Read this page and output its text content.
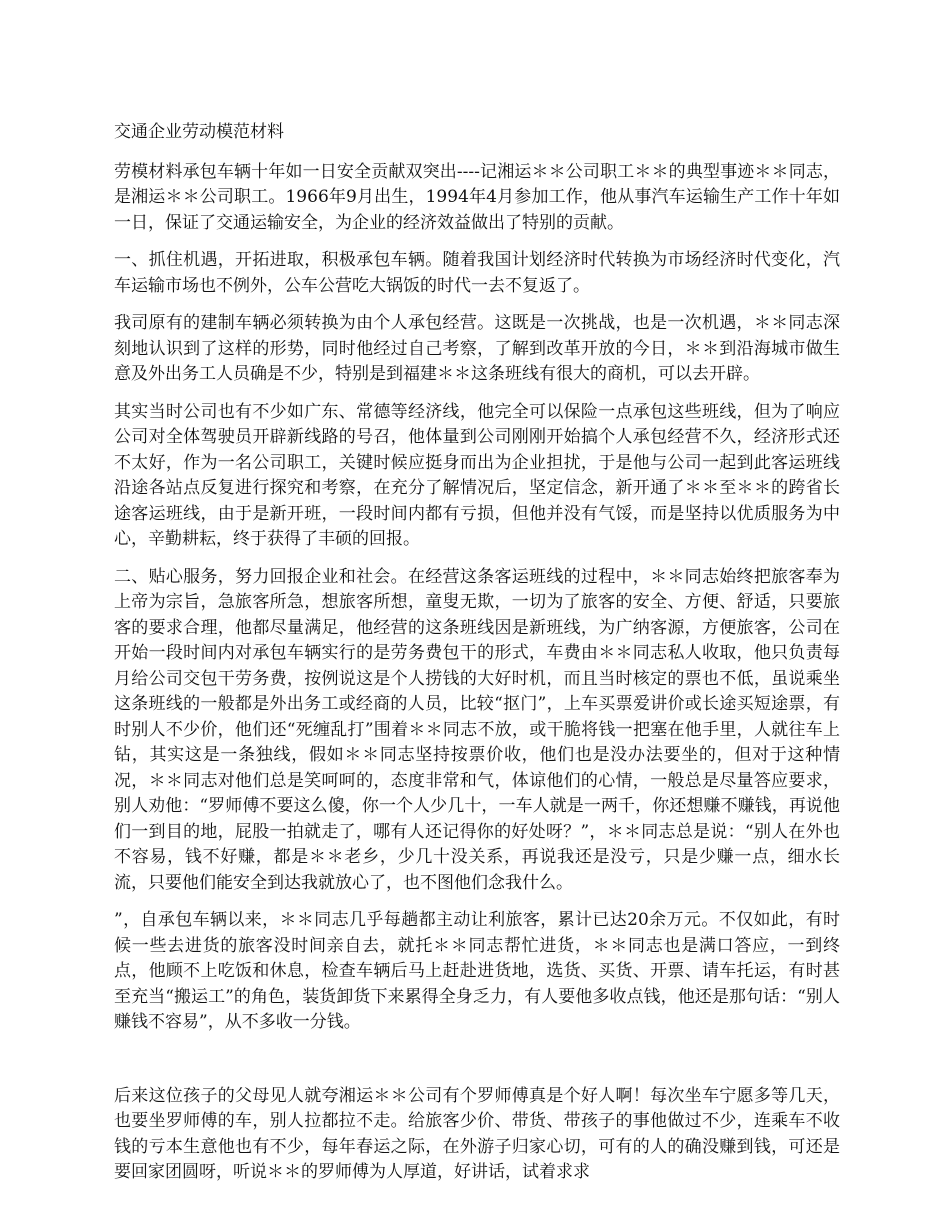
交通企业劳动模范材料

劳模材料承包车辆十年如一日安全贡献双突出----记湘运＊＊公司职工＊＊的典型事迹＊＊同志，是湘运＊＊公司职工。1966年9月出生，1994年4月参加工作，他从事汽车运输生产工作十年如一日，保证了交通运输安全，为企业的经济效益做出了特别的贡献。

一、抓住机遇，开拓进取，积极承包车辆。随着我国计划经济时代转换为市场经济时代变化，汽车运输市场也不例外，公车公营吃大锅饭的时代一去不复返了。

我司原有的建制车辆必须转换为由个人承包经营。这既是一次挑战，也是一次机遇，＊＊同志深刻地认识到了这样的形势，同时他经过自己考察，了解到改革开放的今日，＊＊到沿海城市做生意及外出务工人员确是不少，特别是到福建＊＊这条班线有很大的商机，可以去开辟。

其实当时公司也有不少如广东、常德等经济线，他完全可以保险一点承包这些班线，但为了响应公司对全体驾驶员开辟新线路的号召，他体量到公司刚刚开始搞个人承包经营不久，经济形式还不太好，作为一名公司职工，关键时候应挺身而出为企业担扰，于是他与公司一起到此客运班线沿途各站点反复进行探究和考察，在充分了解情况后，坚定信念，新开通了＊＊至＊＊的跨省长途客运班线，由于是新开班，一段时间内都有亏损，但他并没有气馁，而是坚持以优质服务为中心，辛勤耕耘，终于获得了丰硕的回报。

二、贴心服务，努力回报企业和社会。在经营这条客运班线的过程中，＊＊同志始终把旅客奉为上帝为宗旨，急旅客所急，想旅客所想，童叟无欺，一切为了旅客的安全、方便、舒适，只要旅客的要求合理，他都尽量满足，他经营的这条班线因是新班线，为广纳客源，方便旅客，公司在开始一段时间内对承包车辆实行的是劳务费包干的形式，车费由＊＊同志私人收取，他只负责每月给公司交包干劳务费，按例说这是个人捞钱的大好时机，而且当时核定的票也不低，虽说乘坐这条班线的一般都是外出务工或经商的人员，比较“抠门”，上车买票爱讲价或长途买短途票，有时别人不少价，他们还“死缠乱打”围着＊＊同志不放，或干脆将钱一把塞在他手里，人就往车上钻，其实这是一条独线，假如＊＊同志坚持按票价收，他们也是没办法要坐的，但对于这种情况，＊＊同志对他们总是笑呵呵的，态度非常和气，体谅他们的心情，一般总是尽量答应要求，别人劝他：“罗师傅不要这么傻，你一个人少几十，一车人就是一两千，你还想赚不赚钱，再说他们一到目的地，屁股一拍就走了，哪有人还记得你的好处呀？”，＊＊同志总是说：“别人在外也不容易，钱不好赚，都是＊＊老乡，少几十没关系，再说我还是没亏，只是少赚一点，细水长流，只要他们能安全到达我就放心了，也不图他们念我什么。

”，自承包车辆以来，＊＊同志几乎每趟都主动让利旅客，累计已达20余万元。不仅如此，有时候一些去进货的旅客没时间亲自去，就托＊＊同志帮忙进货，＊＊同志也是满口答应，一到终点，他顾不上吃饭和休息，检查车辆后马上赶赴进货地，选货、买货、开票、请车托运，有时甚至充当“搬运工”的角色，装货卸货下来累得全身乏力，有人要他多收点钱，他还是那句话：“别人赚钱不容易”，从不多收一分钱。

后来这位孩子的父母见人就夸湘运＊＊公司有个罗师傅真是个好人啊！每次坐车宁愿多等几天，也要坐罗师傅的车，别人拉都拉不走。给旅客少价、带货、带孩子的事他做过不少，连乘车不收钱的亏本生意他也有不少，每年春运之际，在外游子归家心切，可有的人的确没赚到钱，可还是要回家团圆呀，听说＊＊的罗师傅为人厚道，好讲话，试着求求
